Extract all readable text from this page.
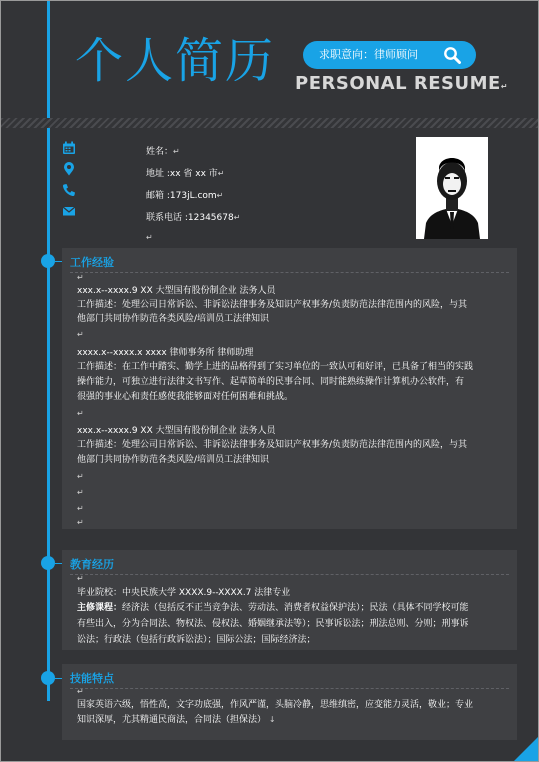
个人简历	求职意向：律师顾问
PERSONAL RESUME↵
姓名：↵
地址 :xx 省 xx 市↵
邮箱 :173jL.com↵
联系电话 :12345678↵
↵
工作经验
↵
xxx.x--xxxx.9 XX 大型国有股份制企业 法务人员
工作描述：处理公司日常诉讼、非诉讼法律事务及知识产权事务/负责防范法律范围内的风险，与其
他部门共同协作防范各类风险/培训员工法律知识
↵
xxxx.x--xxxx.x xxxx 律师事务所 律师助理
工作描述：在工作中踏实、勤学上进的品格得到了实习单位的一致认可和好评，已具备了相当的实践
操作能力，可独立进行法律文书写作、起草简单的民事合同、同时能熟练操作计算机办公软件，有
很强的事业心和责任感使我能够面对任何困难和挑战。
↵
xxx.x--xxxx.9 XX 大型国有股份制企业 法务人员
工作描述：处理公司日常诉讼、非诉讼法律事务及知识产权事务/负责防范法律范围内的风险，与其
他部门共同协作防范各类风险/培训员工法律知识
↵
↵
↵
↵
教育经历
↵
毕业院校：中央民族大学 XXXX.9--XXXX.7 法律专业
主修课程：经济法（包括反不正当竞争法、劳动法、消费者权益保护法）；民法（具体不同学校可能
有些出入，分为合同法、物权法、侵权法、婚姻继承法等）；民事诉讼法；刑法总则、分则；刑事诉
讼法；行政法（包括行政诉讼法）；国际公法；国际经济法；
技能特点
↵
国家英语六级，悟性高，文字功底强，作风严谨，头脑冷静，思维缜密，应变能力灵活，敬业；专业
知识深厚，尤其精通民商法，合同法（担保法） ↓
